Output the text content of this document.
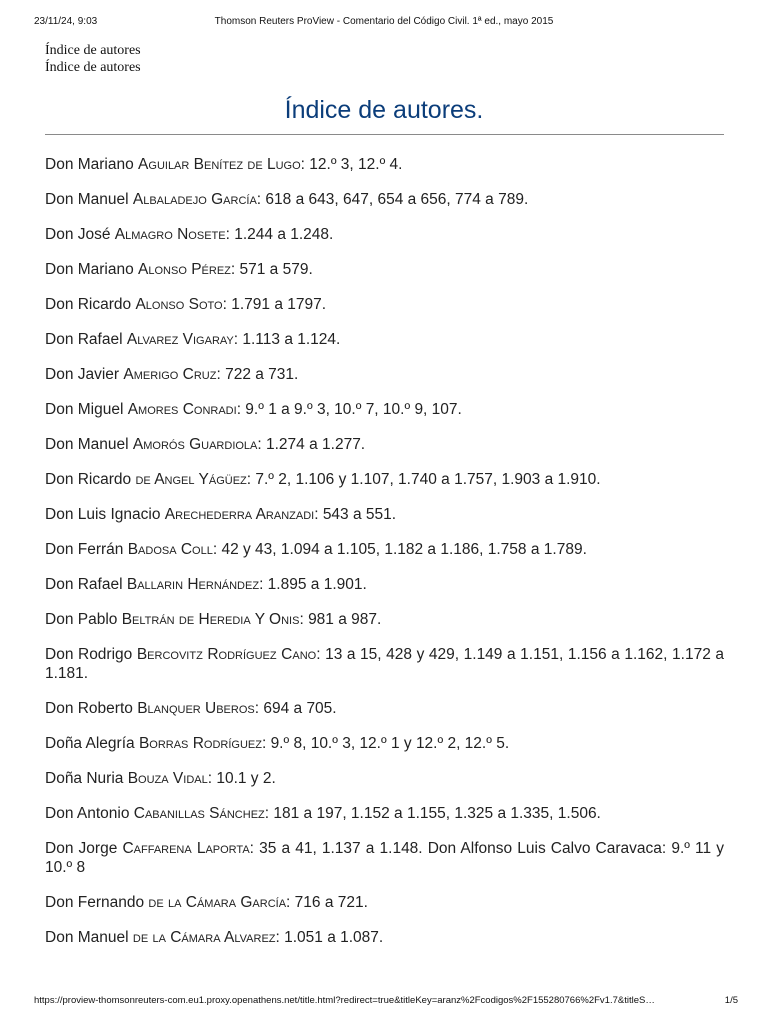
23/11/24, 9:03	Thomson Reuters ProView - Comentario del Código Civil. 1ª ed., mayo 2015
Índice de autores
Índice de autores
Índice de autores.

Don Mariano Aguilar Benítez de Lugo: 12.º 3, 12.º 4.

Don Manuel Albaladejo García: 618 a 643, 647, 654 a 656, 774 a 789.

Don José Almagro Nosete: 1.244 a 1.248.

Don Mariano Alonso Pérez: 571 a 579.

Don Ricardo Alonso Soto: 1.791 a 1797.

Don Rafael Alvarez Vigaray: 1.113 a 1.124.

Don Javier Amerigo Cruz: 722 a 731.

Don Miguel Amores Conradi: 9.º 1 a 9.º 3, 10.º 7, 10.º 9, 107.

Don Manuel Amorós Guardiola: 1.274 a 1.277.

Don Ricardo de Angel Yágüez: 7.º 2, 1.106 y 1.107, 1.740 a 1.757, 1.903 a 1.910.

Don Luis Ignacio Arechederra Aranzadi: 543 a 551.

Don Ferrán Badosa Coll: 42 y 43, 1.094 a 1.105, 1.182 a 1.186, 1.758 a 1.789.

Don Rafael Ballarin Hernández: 1.895 a 1.901.

Don Pablo Beltrán de Heredia Y Onis: 981 a 987.

Don Rodrigo Bercovitz Rodríguez Cano: 13 a 15, 428 y 429, 1.149 a 1.151, 1.156 a 1.162, 1.172 a 1.181.

Don Roberto Blanquer Uberos: 694 a 705.

Doña Alegría Borras Rodríguez: 9.º 8, 10.º 3, 12.º 1 y 12.º 2, 12.º 5.

Doña Nuria Bouza Vidal: 10.1 y 2.

Don Antonio Cabanillas Sánchez: 181 a 197, 1.152 a 1.155, 1.325 a 1.335, 1.506.

Don Jorge Caffarena Laporta: 35 a 41, 1.137 a 1.148. Don Alfonso Luis Calvo Caravaca: 9.º 11 y 10.º 8

Don Fernando de la Cámara García: 716 a 721.

Don Manuel de la Cámara Alvarez: 1.051 a 1.087.

https://proview-thomsonreuters-com.eu1.proxy.openathens.net/title.html?redirect=true&titleKey=aranz%2Fcodigos%2F155280766%2Fv1.7&titleS…	1/5
